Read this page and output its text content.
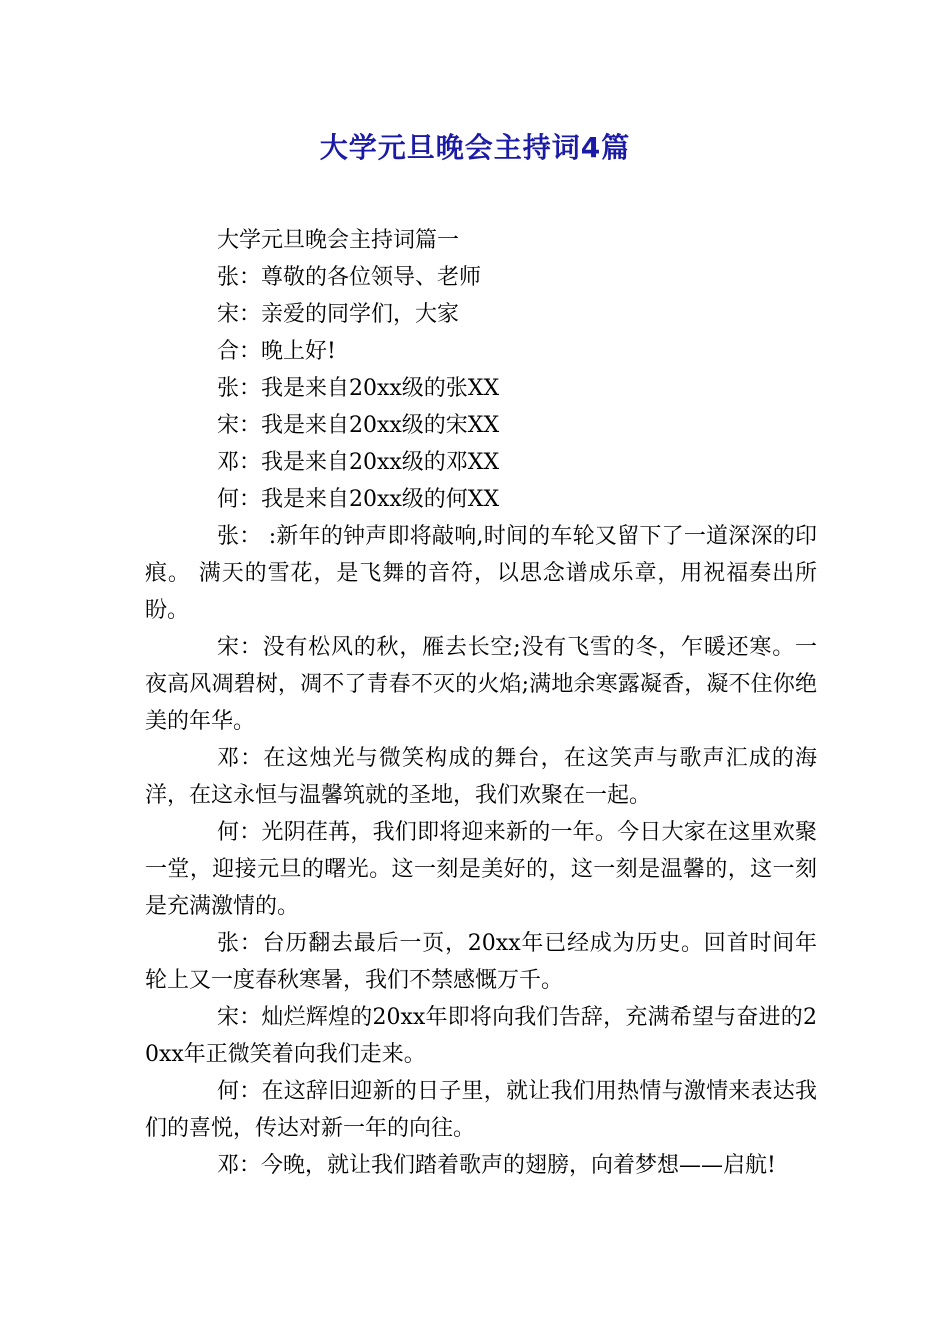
大学元旦晚会主持词4篇

大学元旦晚会主持词篇一

张：尊敬的各位领导、老师

宋：亲爱的同学们，大家

合：晚上好!

张：我是来自20xx级的张XX

宋：我是来自20xx级的宋XX

邓：我是来自20xx级的邓XX

何：我是来自20xx级的何XX

张： :新年的钟声即将敲响,时间的车轮又留下了一道深深的印痕。 满天的雪花，是飞舞的音符，以思念谱成乐章，用祝福奏出所盼。

宋：没有松风的秋，雁去长空;没有飞雪的冬，乍暖还寒。一夜高风凋碧树，凋不了青春不灭的火焰;满地余寒露凝香，凝不住你绝美的年华。

邓：在这烛光与微笑构成的舞台，在这笑声与歌声汇成的海洋，在这永恒与温馨筑就的圣地，我们欢聚在一起。

何：光阴荏苒，我们即将迎来新的一年。今日大家在这里欢聚一堂，迎接元旦的曙光。这一刻是美好的，这一刻是温馨的，这一刻是充满激情的。

张：台历翻去最后一页，20xx年已经成为历史。回首时间年轮上又一度春秋寒暑，我们不禁感慨万千。

宋：灿烂辉煌的20xx年即将向我们告辞，充满希望与奋进的20xx年正微笑着向我们走来。

何：在这辞旧迎新的日子里，就让我们用热情与激情来表达我们的喜悦，传达对新一年的向往。

邓：今晚，就让我们踏着歌声的翅膀，向着梦想——启航!
